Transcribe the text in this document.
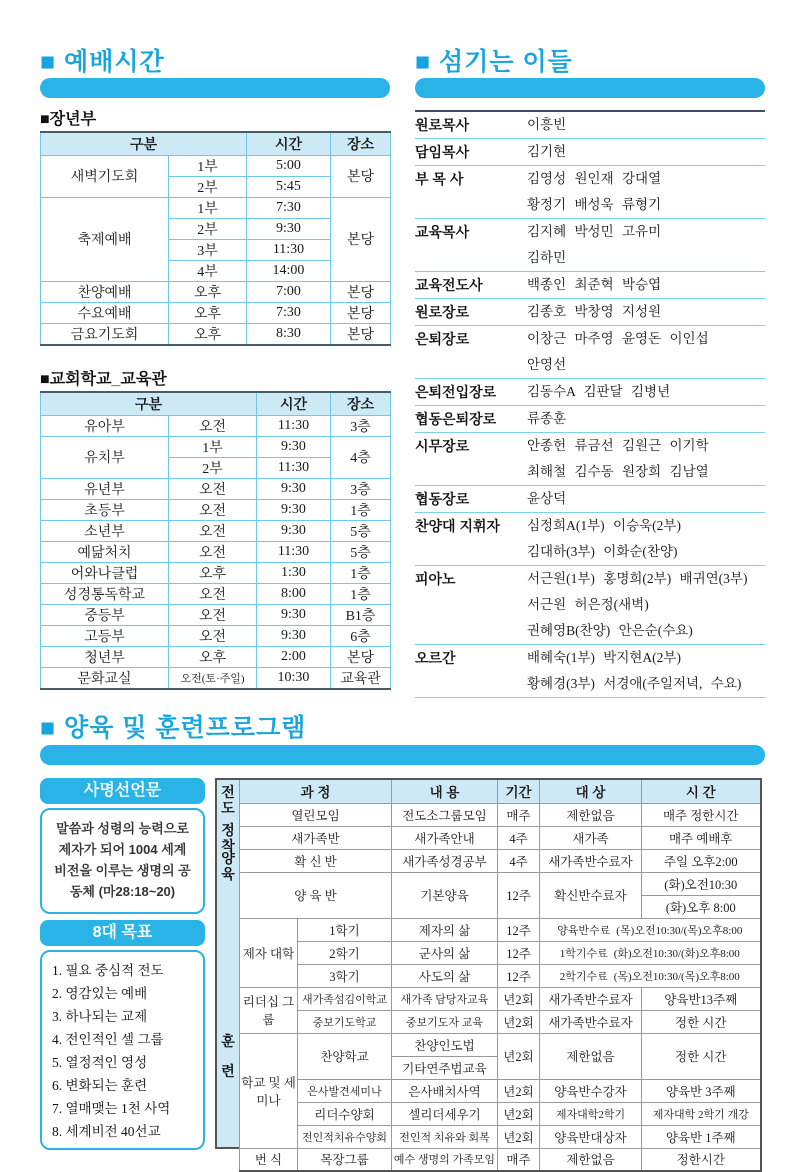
■ 예배시간
■장년부
구분		시간	장소
새벽기도회	1부	5:00	본당
	2부	5:45	
축제예배	1부	7:30	본당
	2부	9:30	
	3부	11:30	
	4부	14:00	
찬양예배	오후	7:00	본당
수요예배	오후	7:30	본당
금요기도회	오후	8:30	본당
■교회학교_교육관
구분		시간	장소
유아부	오전	11:30	3층
유치부	1부	9:30	4층
	2부	11:30	
유년부	오전	9:30	3층
초등부	오전	9:30	1층
소년부	오전	9:30	5층
예닮처치	오전	11:30	5층
어와나클럽	오후	1:30	1층
성경통독학교	오전	8:00	1층
중등부	오전	9:30	B1층
고등부	오전	9:30	6층
청년부	오후	2:00	본당
문화교실	오전(토·주일)	10:30	교육관
■ 섬기는 이들
원로목사	이흥빈
담임목사	김기현
부 목 사	김영성 원인재 강대열
황정기 배성욱 류형기
교육목사	김지혜 박성민 고유미
김하민
교육전도사	백종인 최준혁 박승엽
원로장로	김종호 박창영 지성원
은퇴장로	이창근 마주영 윤영돈 이인섭
안영선
은퇴전입장로	김동수A 김판달 김병년
협동은퇴장로	류종훈
시무장로	안종헌 류금선 김원근 이기학
최해철 김수동 원장희 김남열
협동장로	윤상덕
찬양대 지휘자	심정희A(1부) 이승욱(2부)
김대하(3부) 이화순(찬양)
피아노	서근원(1부) 홍명희(2부) 배귀연(3부)
서근원 허은정(새벽)
권혜영B(찬양) 안은순(수요)
오르간	배혜숙(1부) 박지현A(2부)
황혜경(3부) 서경애(주일저녁, 수요)
■ 양육 및 훈련프로그램
사명선언문
말씀과 성령의 능력으로
제자가 되어 1004 세계
비전을 이루는 생명의 공
동체 (마28:18~20)
8대 목표
1. 필요 중심적 전도
2. 영감있는 예배
3. 하나되는 교제
4. 전인적인 셀 그룹
5. 열정적인 영성
6. 변화되는 훈련
7. 열매맺는 1천 사역
8. 세계비전 40선교
전도
정착
양육
훈련
과 정		내 용	기간	대 상	시 간
열린모임		전도소그룹모임	매주	제한없음	매주 정한시간
새가족반		새가족안내	4주	새가족	매주 예배후
확 신 반		새가족성경공부	4주	새가족반수료자	주일 오후2:00
양 육 반		기본양육	12주	확신반수료자	(화)오전10:30
					(화)오후 8:00
제자 대학	1학기	제자의 삶	12주	양육반수료 (목)오전10:30/(목)오후8:00	
	2학기	군사의 삶	12주	1학기수료 (화)오전10:30/(화)오후8:00	
	3학기	사도의 삶	12주	2학기수료 (목)오전10:30/(목)오후8:00	
리더십 그룹	새가족섬김이학교	새가족 담당자교육	년2회	새가족반수료자	양육반13주째
	중보기도학교	중보기도자 교육	년2회	새가족반수료자	정한 시간
학교 및 세미나	찬양학교	찬양인도법	년2회	제한없음	정한 시간
		기타연주법교육			
	은사발견세미나	은사배치사역	년2회	양육반수강자	양육반 3주째
	리더수양회	셀리더세우기	년2회	제자대학2학기	제자대학 2학기 개강
	전인적치유수양회	전인적 치유와 회복	년2회	양육반대상자	양육반 1주째
번 식	목장그룹	예수 생명의 가족모임	매주	제한없음	정한시간
